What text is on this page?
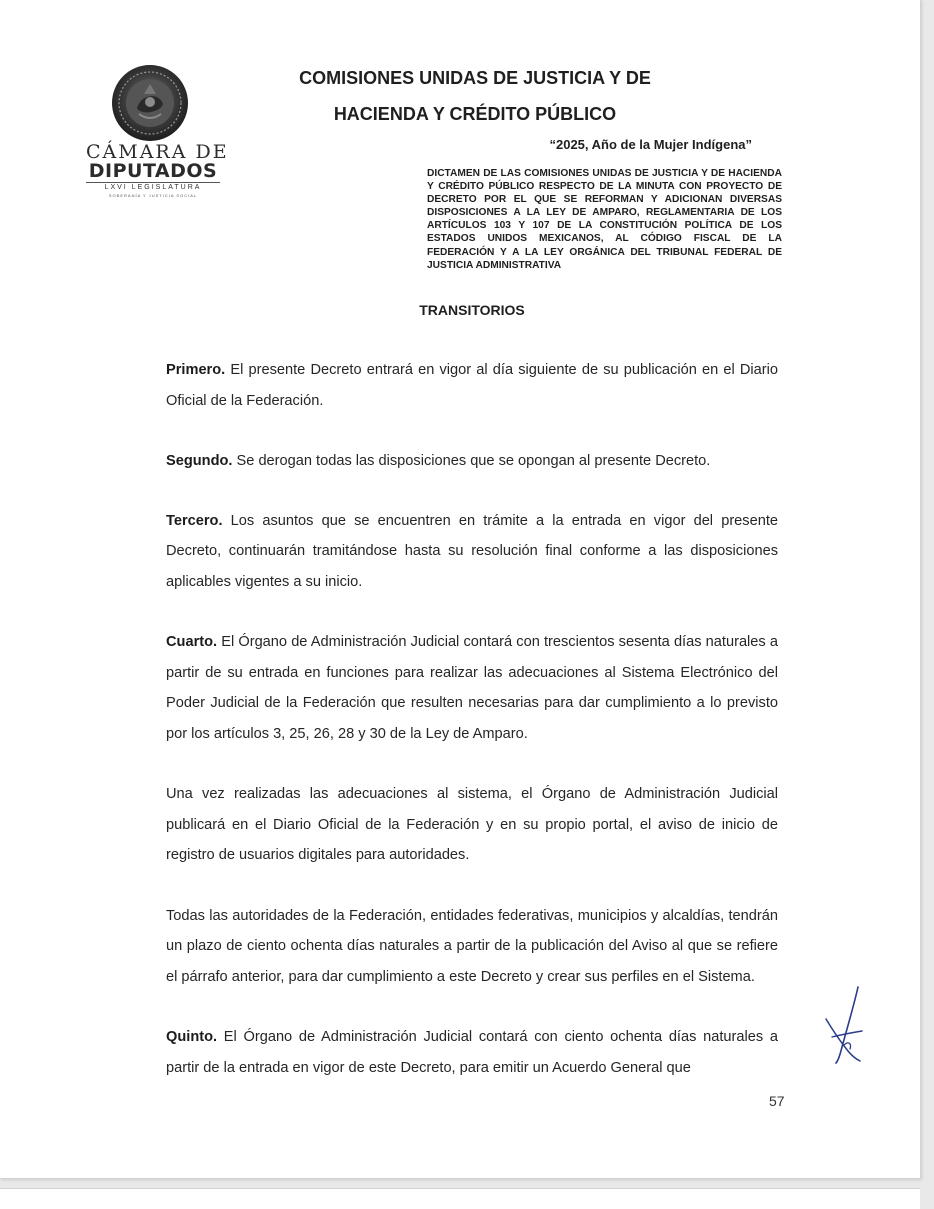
CÁMARA DE
DIPUTADOS
LXVI LEGISLATURA
SOBERANÍA Y JUSTICIA SOCIAL
COMISIONES UNIDAS DE JUSTICIA Y DE
HACIENDA Y CRÉDITO PÚBLICO
“2025, Año de la Mujer Indígena”
DICTAMEN DE LAS COMISIONES UNIDAS DE JUSTICIA Y DE HACIENDA Y CRÉDITO PÚBLICO RESPECTO DE LA MINUTA CON PROYECTO DE DECRETO POR EL QUE SE REFORMAN Y ADICIONAN DIVERSAS DISPOSICIONES A LA LEY DE AMPARO, REGLAMENTARIA DE LOS ARTÍCULOS 103 Y 107 DE LA CONSTITUCIÓN POLÍTICA DE LOS ESTADOS UNIDOS MEXICANOS, AL CÓDIGO FISCAL DE LA FEDERACIÓN Y A LA LEY ORGÁNICA DEL TRIBUNAL FEDERAL DE JUSTICIA ADMINISTRATIVA
TRANSITORIOS

Primero. El presente Decreto entrará en vigor al día siguiente de su publicación en el Diario Oficial de la Federación.

Segundo. Se derogan todas las disposiciones que se opongan al presente Decreto.

Tercero. Los asuntos que se encuentren en trámite a la entrada en vigor del presente Decreto, continuarán tramitándose hasta su resolución final conforme a las disposiciones aplicables vigentes a su inicio.

Cuarto. El Órgano de Administración Judicial contará con trescientos sesenta días naturales a partir de su entrada en funciones para realizar las adecuaciones al Sistema Electrónico del Poder Judicial de la Federación que resulten necesarias para dar cumplimiento a lo previsto por los artículos 3, 25, 26, 28 y 30 de la Ley de Amparo.

Una vez realizadas las adecuaciones al sistema, el Órgano de Administración Judicial publicará en el Diario Oficial de la Federación y en su propio portal, el aviso de inicio de registro de usuarios digitales para autoridades.

Todas las autoridades de la Federación, entidades federativas, municipios y alcaldías, tendrán un plazo de ciento ochenta días naturales a partir de la publicación del Aviso al que se refiere el párrafo anterior, para dar cumplimiento a este Decreto y crear sus perfiles en el Sistema.

Quinto. El Órgano de Administración Judicial contará con ciento ochenta días naturales a partir de la entrada en vigor de este Decreto, para emitir un Acuerdo General que

57
